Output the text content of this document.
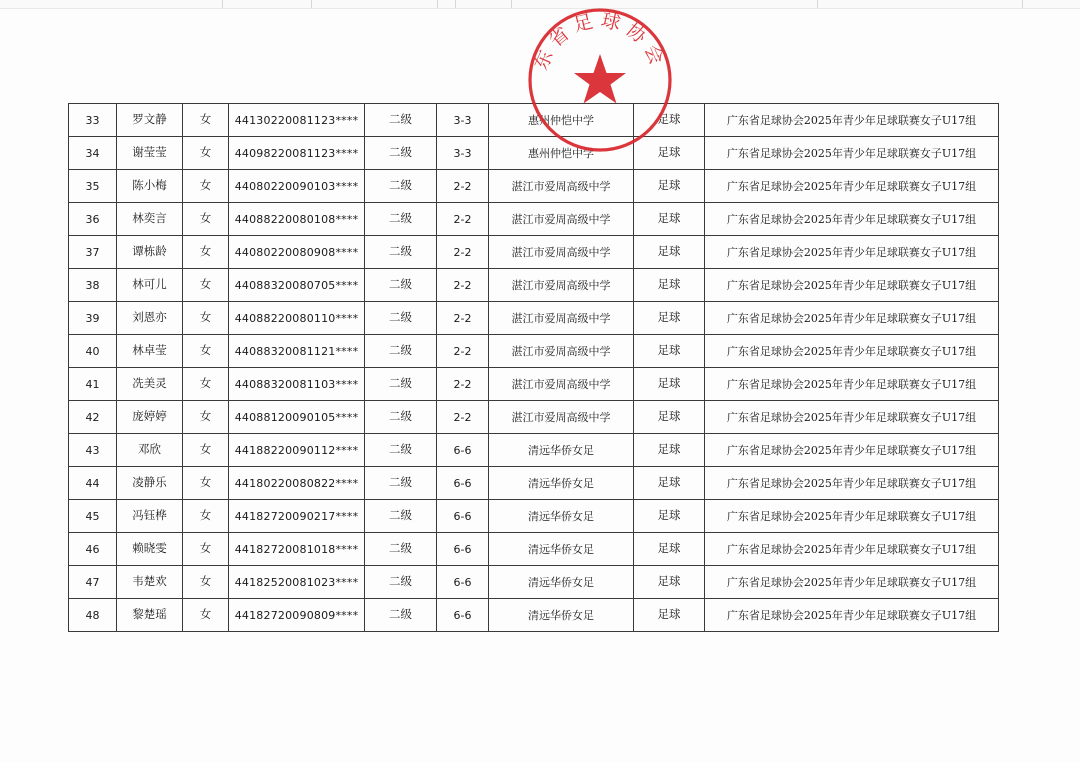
33	罗文静	女	44130220081123****	二级	3-3	惠州仲恺中学	足球	广东省足球协会2025年青少年足球联赛女子U17组
34	谢莹莹	女	44098220081123****	二级	3-3	惠州仲恺中学	足球	广东省足球协会2025年青少年足球联赛女子U17组
35	陈小梅	女	44080220090103****	二级	2-2	湛江市爱周高级中学	足球	广东省足球协会2025年青少年足球联赛女子U17组
36	林奕言	女	44088220080108****	二级	2-2	湛江市爱周高级中学	足球	广东省足球协会2025年青少年足球联赛女子U17组
37	谭栋龄	女	44080220080908****	二级	2-2	湛江市爱周高级中学	足球	广东省足球协会2025年青少年足球联赛女子U17组
38	林可儿	女	44088320080705****	二级	2-2	湛江市爱周高级中学	足球	广东省足球协会2025年青少年足球联赛女子U17组
39	刘恩亦	女	44088220080110****	二级	2-2	湛江市爱周高级中学	足球	广东省足球协会2025年青少年足球联赛女子U17组
40	林卓莹	女	44088320081121****	二级	2-2	湛江市爱周高级中学	足球	广东省足球协会2025年青少年足球联赛女子U17组
41	冼美灵	女	44088320081103****	二级	2-2	湛江市爱周高级中学	足球	广东省足球协会2025年青少年足球联赛女子U17组
42	庞婷婷	女	44088120090105****	二级	2-2	湛江市爱周高级中学	足球	广东省足球协会2025年青少年足球联赛女子U17组
43	邓欣	女	44188220090112****	二级	6-6	清远华侨女足	足球	广东省足球协会2025年青少年足球联赛女子U17组
44	凌静乐	女	44180220080822****	二级	6-6	清远华侨女足	足球	广东省足球协会2025年青少年足球联赛女子U17组
45	冯钰桦	女	44182720090217****	二级	6-6	清远华侨女足	足球	广东省足球协会2025年青少年足球联赛女子U17组
46	赖晓雯	女	44182720081018****	二级	6-6	清远华侨女足	足球	广东省足球协会2025年青少年足球联赛女子U17组
47	韦楚欢	女	44182520081023****	二级	6-6	清远华侨女足	足球	广东省足球协会2025年青少年足球联赛女子U17组
48	黎楚瑶	女	44182720090809****	二级	6-6	清远华侨女足	足球	广东省足球协会2025年青少年足球联赛女子U17组
东省足球协会
